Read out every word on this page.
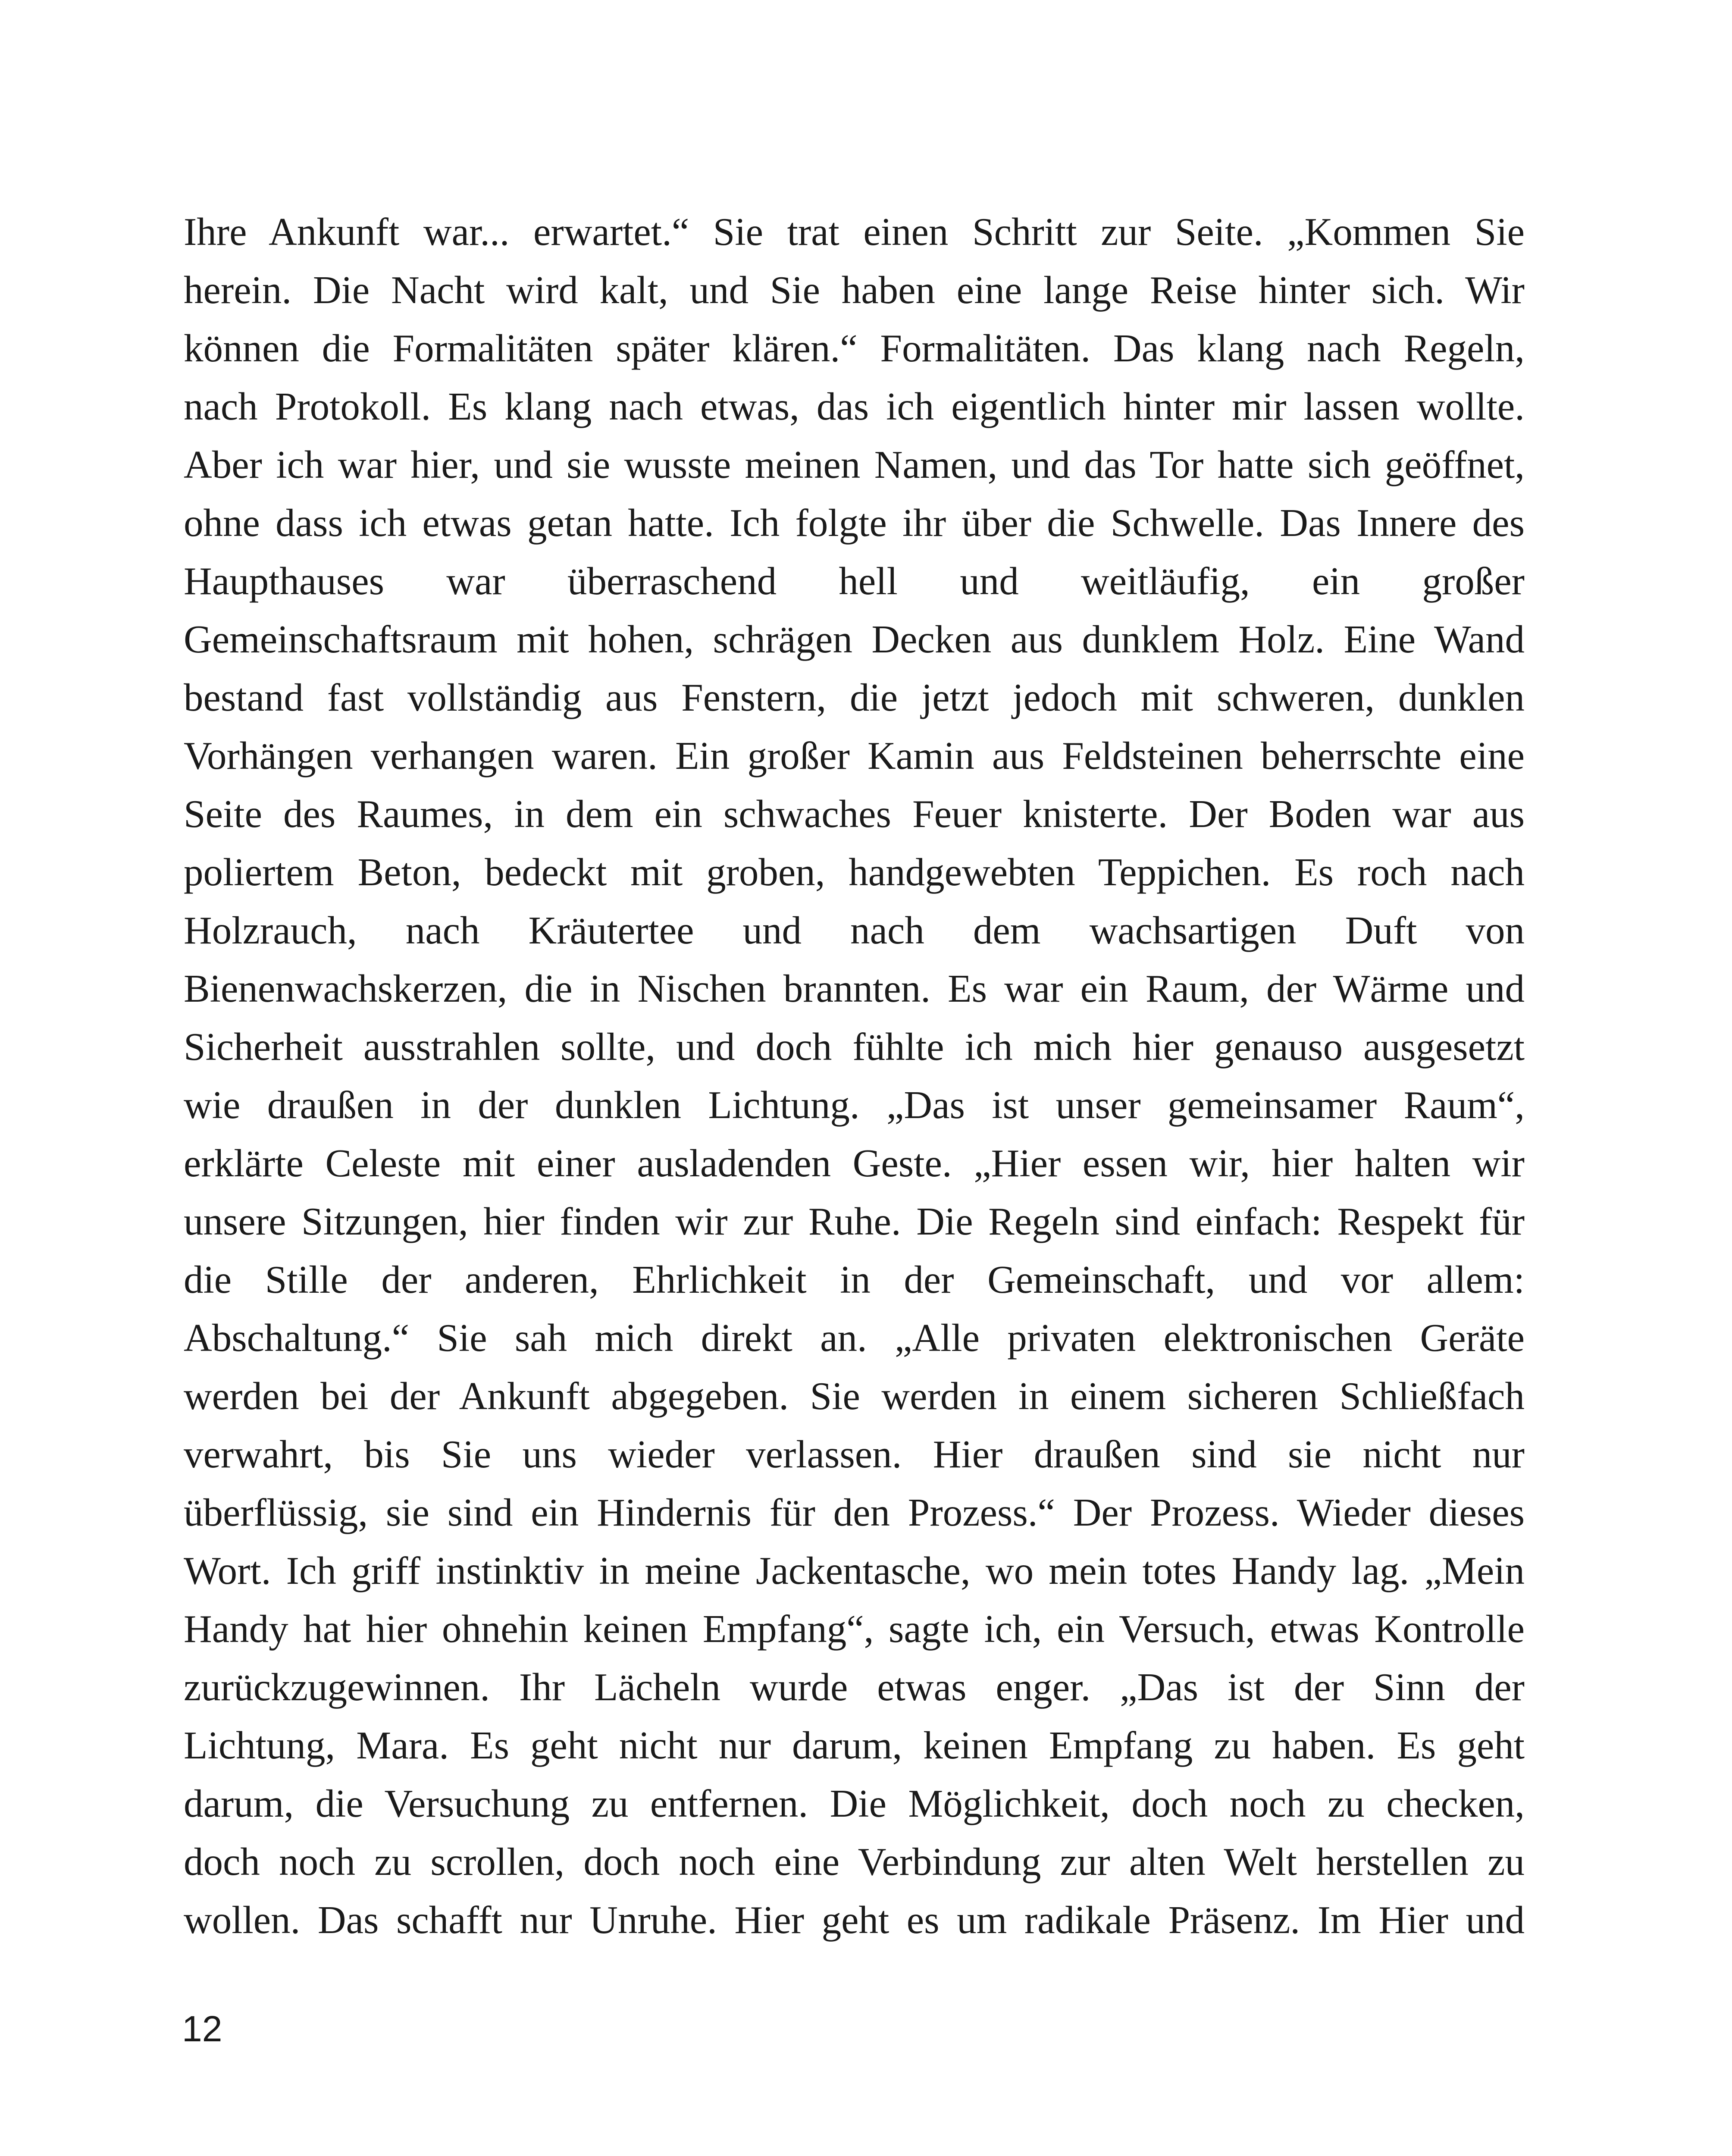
Ihre Ankunft war... erwartet.“ Sie trat einen Schritt zur Seite. „Kommen Sie
herein. Die Nacht wird kalt, und Sie haben eine lange Reise hinter sich. Wir
können die Formalitäten später klären.“ Formalitäten. Das klang nach Regeln,
nach Protokoll. Es klang nach etwas, das ich eigentlich hinter mir lassen wollte.
Aber ich war hier, und sie wusste meinen Namen, und das Tor hatte sich geöffnet,
ohne dass ich etwas getan hatte. Ich folgte ihr über die Schwelle. Das Innere des
Haupthauses war überraschend hell und weitläufig, ein großer
Gemeinschaftsraum mit hohen, schrägen Decken aus dunklem Holz. Eine Wand
bestand fast vollständig aus Fenstern, die jetzt jedoch mit schweren, dunklen
Vorhängen verhangen waren. Ein großer Kamin aus Feldsteinen beherrschte eine
Seite des Raumes, in dem ein schwaches Feuer knisterte. Der Boden war aus
poliertem Beton, bedeckt mit groben, handgewebten Teppichen. Es roch nach
Holzrauch, nach Kräutertee und nach dem wachsartigen Duft von
Bienenwachskerzen, die in Nischen brannten. Es war ein Raum, der Wärme und
Sicherheit ausstrahlen sollte, und doch fühlte ich mich hier genauso ausgesetzt
wie draußen in der dunklen Lichtung. „Das ist unser gemeinsamer Raum“,
erklärte Celeste mit einer ausladenden Geste. „Hier essen wir, hier halten wir
unsere Sitzungen, hier finden wir zur Ruhe. Die Regeln sind einfach: Respekt für
die Stille der anderen, Ehrlichkeit in der Gemeinschaft, und vor allem:
Abschaltung.“ Sie sah mich direkt an. „Alle privaten elektronischen Geräte
werden bei der Ankunft abgegeben. Sie werden in einem sicheren Schließfach
verwahrt, bis Sie uns wieder verlassen. Hier draußen sind sie nicht nur
überflüssig, sie sind ein Hindernis für den Prozess.“ Der Prozess. Wieder dieses
Wort. Ich griff instinktiv in meine Jackentasche, wo mein totes Handy lag. „Mein
Handy hat hier ohnehin keinen Empfang“, sagte ich, ein Versuch, etwas Kontrolle
zurückzugewinnen. Ihr Lächeln wurde etwas enger. „Das ist der Sinn der
Lichtung, Mara. Es geht nicht nur darum, keinen Empfang zu haben. Es geht
darum, die Versuchung zu entfernen. Die Möglichkeit, doch noch zu checken,
doch noch zu scrollen, doch noch eine Verbindung zur alten Welt herstellen zu
wollen. Das schafft nur Unruhe. Hier geht es um radikale Präsenz. Im Hier und
12
